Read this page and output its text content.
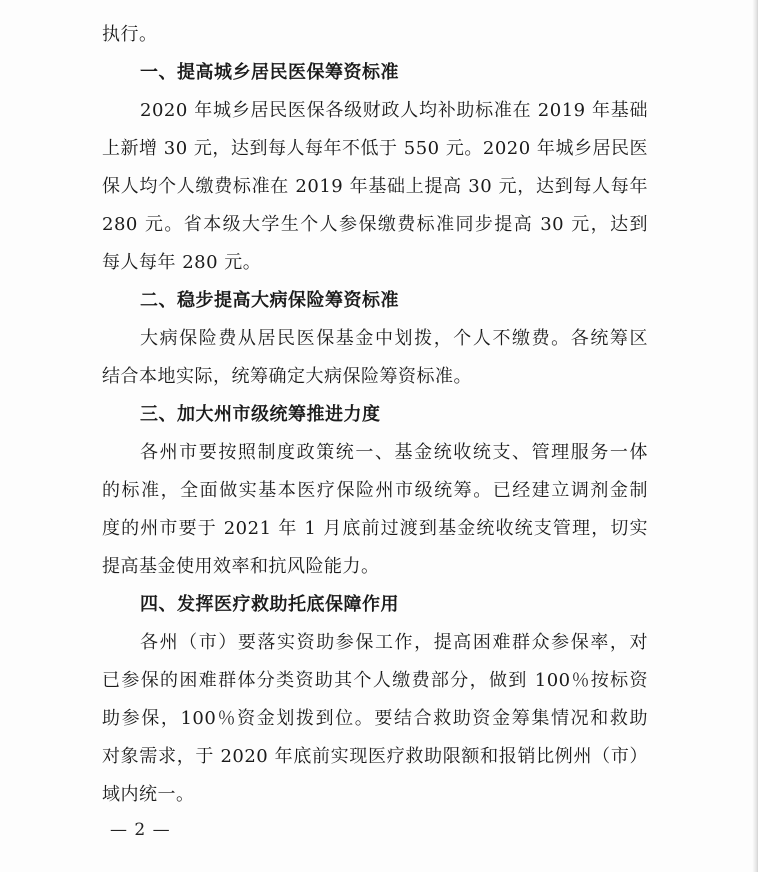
执行。
一、提高城乡居民医保筹资标准
2020 年城乡居民医保各级财政人均补助标准在 2019 年基础
上新增 30 元，达到每人每年不低于 550 元。2020 年城乡居民医
保人均个人缴费标准在 2019 年基础上提高 30 元，达到每人每年
280 元。省本级大学生个人参保缴费标准同步提高 30 元，达到
每人每年 280 元。
二、稳步提高大病保险筹资标准
大病保险费从居民医保基金中划拨，个人不缴费。各统筹区
结合本地实际，统筹确定大病保险筹资标准。
三、加大州市级统筹推进力度
各州市要按照制度政策统一、基金统收统支、管理服务一体
的标准，全面做实基本医疗保险州市级统筹。已经建立调剂金制
度的州市要于 2021 年 1 月底前过渡到基金统收统支管理，切实
提高基金使用效率和抗风险能力。
四、发挥医疗救助托底保障作用
各州（市）要落实资助参保工作，提高困难群众参保率，对
已参保的困难群体分类资助其个人缴费部分，做到 100％按标资
助参保，100％资金划拨到位。要结合救助资金筹集情况和救助
对象需求，于 2020 年底前实现医疗救助限额和报销比例州（市）
域内统一。
— 2 —
